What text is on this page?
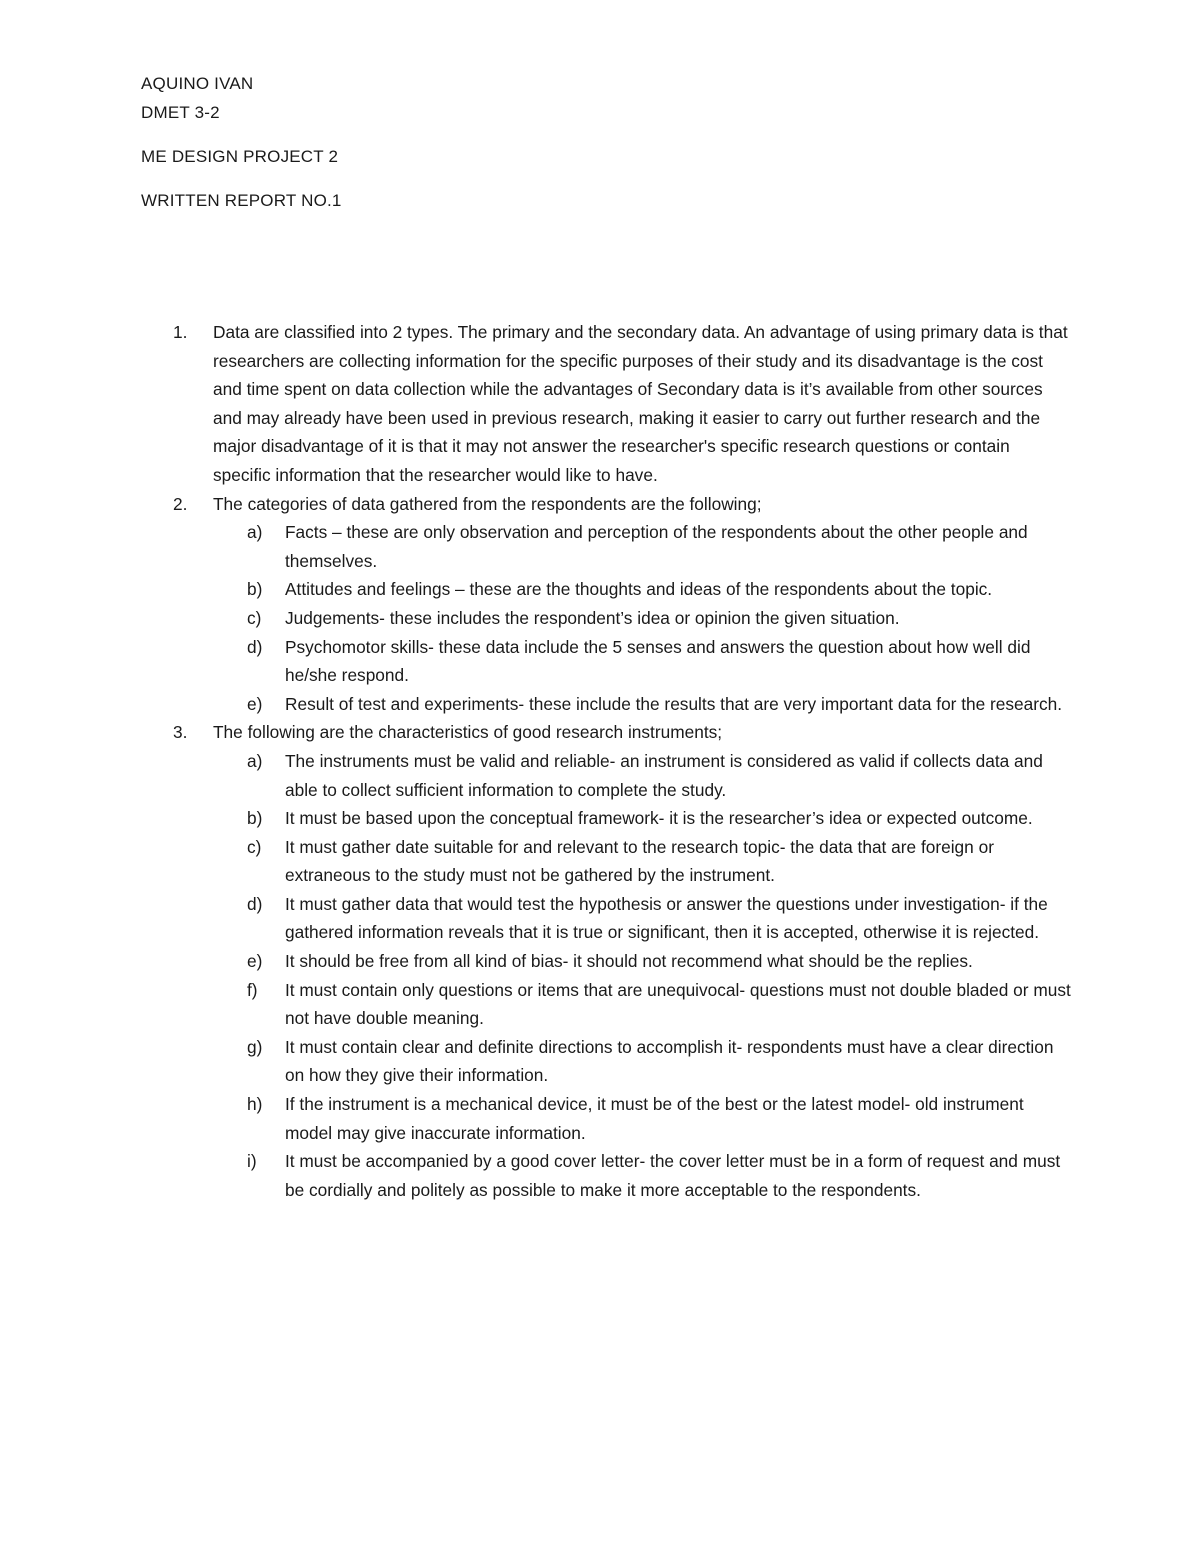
AQUINO IVAN
DMET 3-2
ME DESIGN PROJECT 2
WRITTEN REPORT NO.1
1. Data are classified into 2 types. The primary and the secondary data. An advantage of using primary data is that researchers are collecting information for the specific purposes of their study and its disadvantage is the cost and time spent on data collection while the advantages of Secondary data is it’s available from other sources and may already have been used in previous research, making it easier to carry out further research and the major disadvantage of it is that it may not answer the researcher's specific research questions or contain specific information that the researcher would like to have.
2. The categories of data gathered from the respondents are the following;
a) Facts – these are only observation and perception of the respondents about the other people and themselves.
b) Attitudes and feelings – these are the thoughts and ideas of the respondents about the topic.
c) Judgements- these includes the respondent’s idea or opinion the given situation.
d) Psychomotor skills- these data include the 5 senses and answers the question about how well did he/she respond.
e) Result of test and experiments- these include the results that are very important data for the research.
3. The following are the characteristics of good research instruments;
a) The instruments must be valid and reliable- an instrument is considered as valid if collects data and able to collect sufficient information to complete the study.
b) It must be based upon the conceptual framework- it is the researcher’s idea or expected outcome.
c) It must gather date suitable for and relevant to the research topic- the data that are foreign or extraneous to the study must not be gathered by the instrument.
d) It must gather data that would test the hypothesis or answer the questions under investigation- if the gathered information reveals that it is true or significant, then it is accepted, otherwise it is rejected.
e) It should be free from all kind of bias- it should not recommend what should be the replies.
f) It must contain only questions or items that are unequivocal- questions must not double bladed or must not have double meaning.
g) It must contain clear and definite directions to accomplish it- respondents must have a clear direction on how they give their information.
h) If the instrument is a mechanical device, it must be of the best or the latest model- old instrument model may give inaccurate information.
i) It must be accompanied by a good cover letter- the cover letter must be in a form of request and must be cordially and politely as possible to make it more acceptable to the respondents.
